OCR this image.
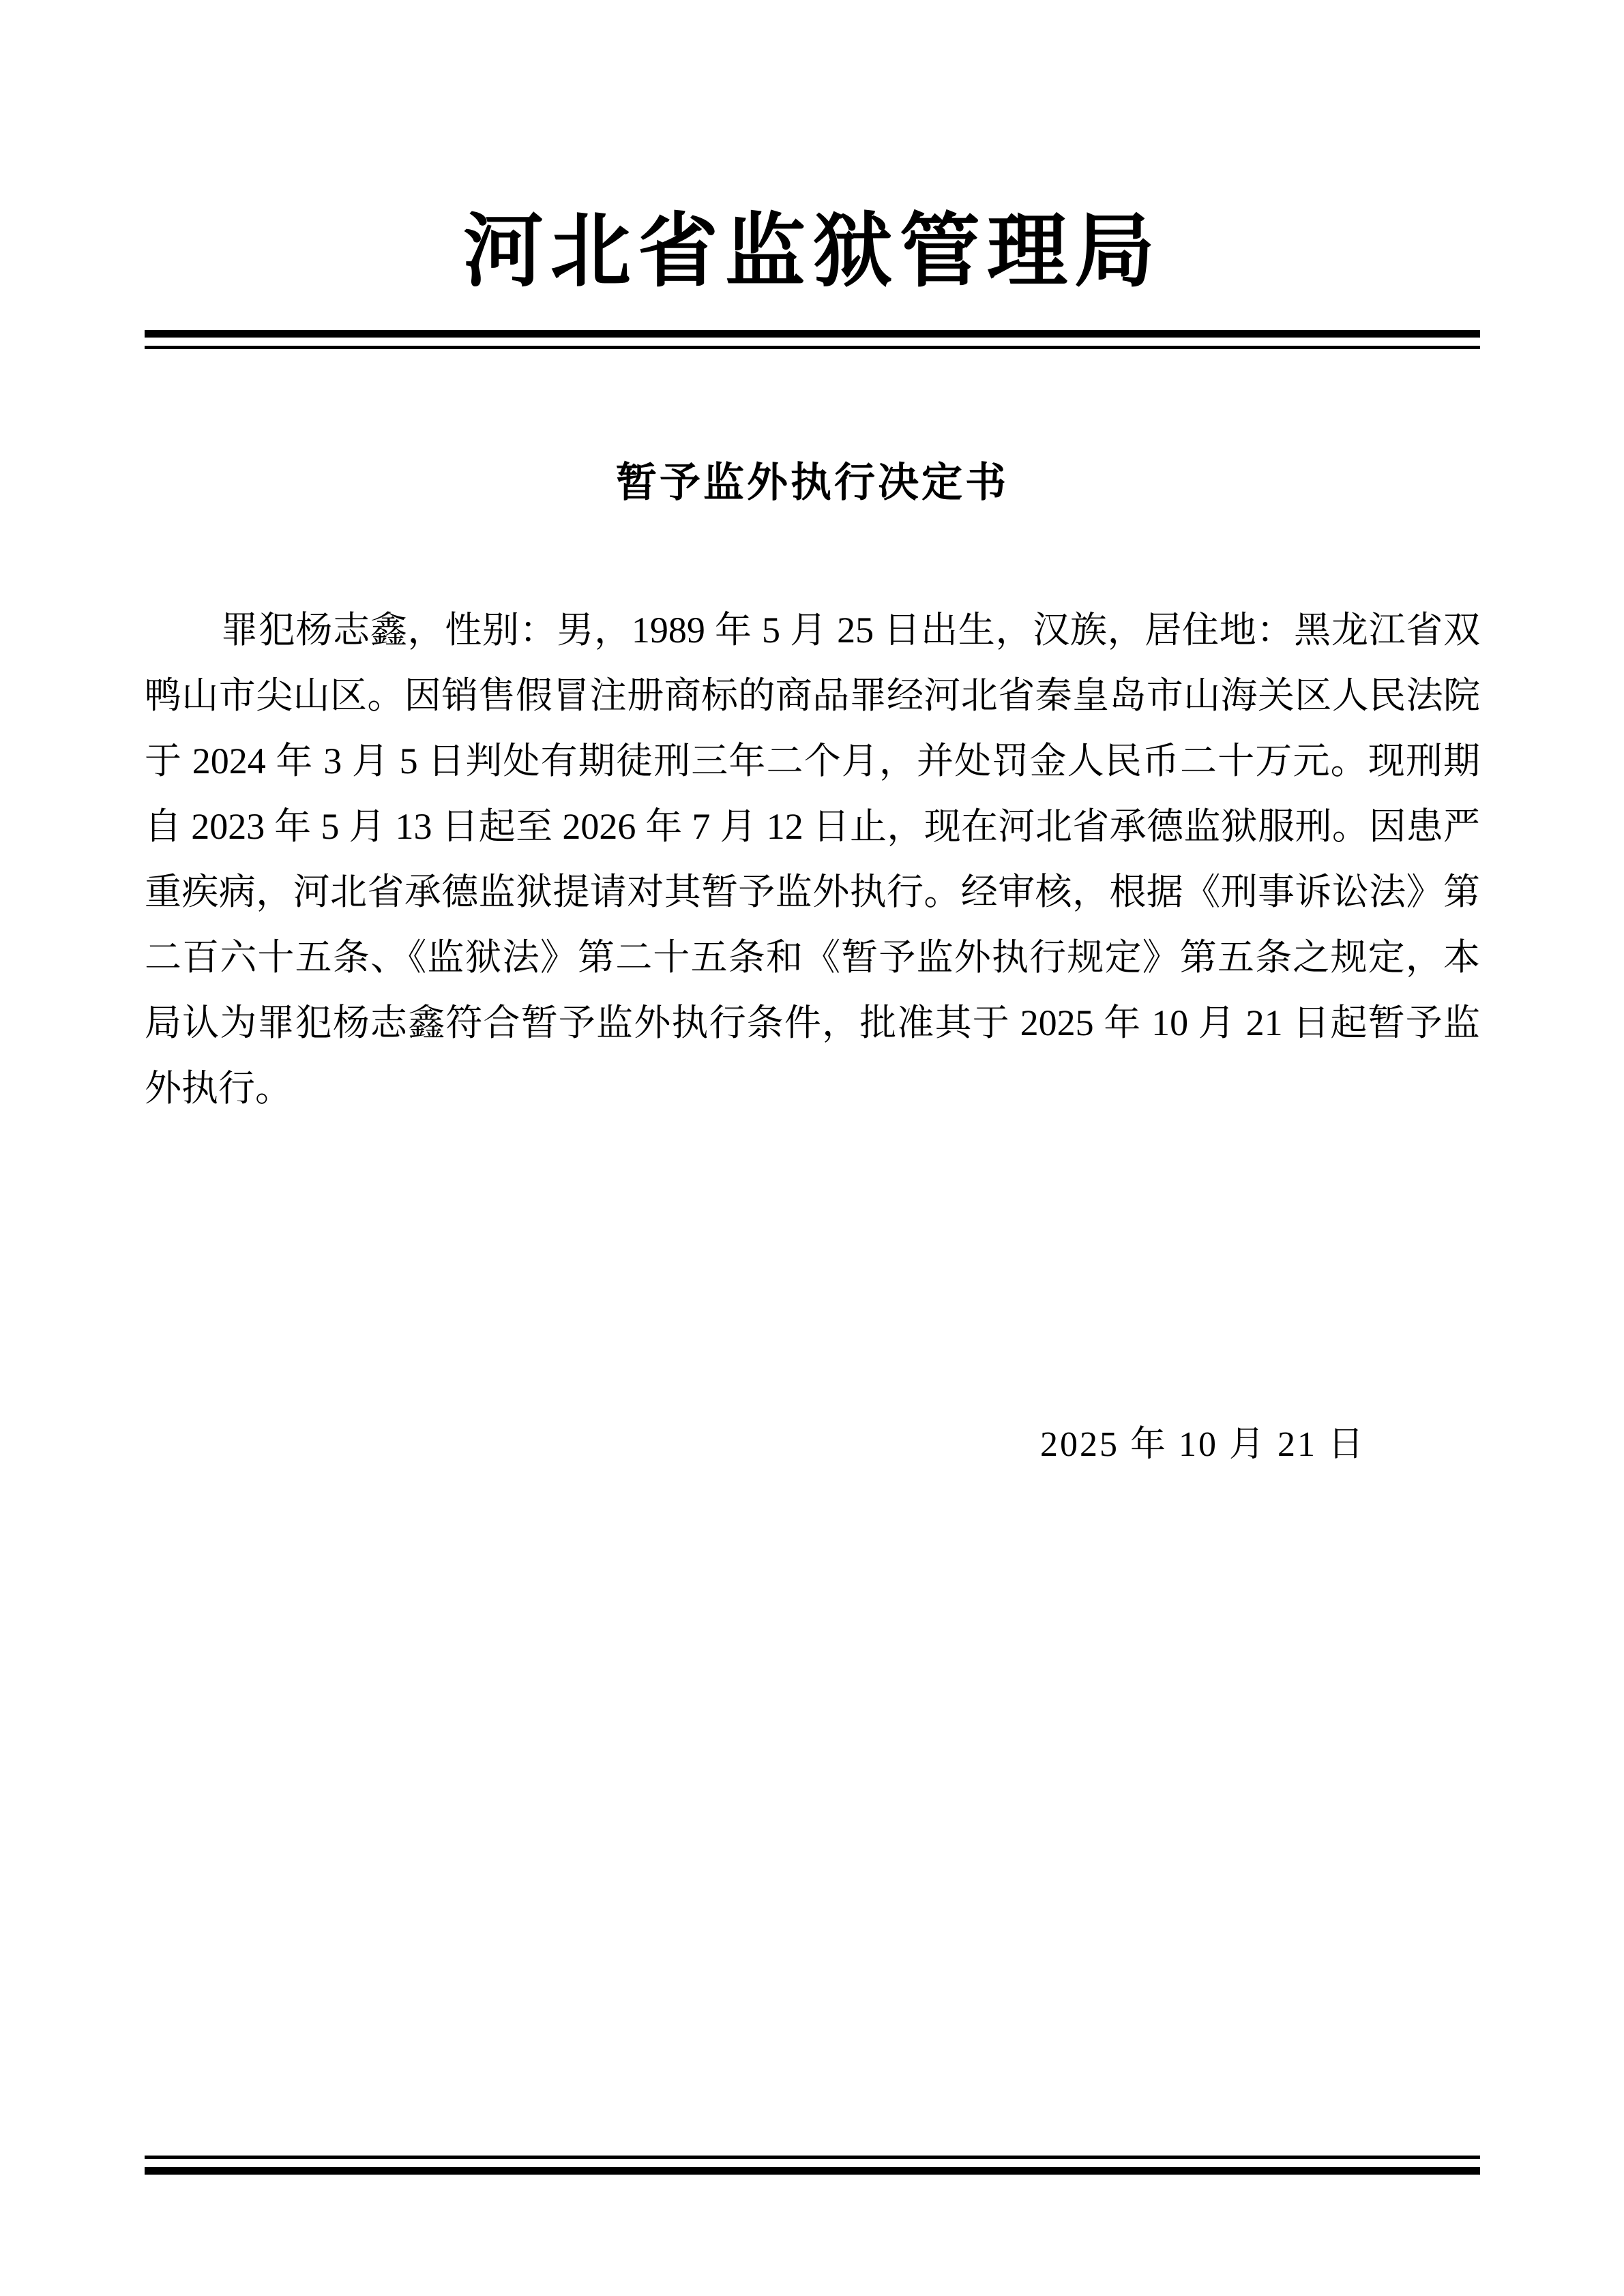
河北省监狱管理局
暂予监外执行决定书
罪犯杨志鑫，性别：男，1989 年 5 月 25 日出生，汉族，居住地：黑龙江省双鸭山市尖山区。因销售假冒注册商标的商品罪经河北省秦皇岛市山海关区人民法院于 2024 年 3 月 5 日判处有期徒刑三年二个月，并处罚金人民币二十万元。现刑期自 2023 年 5 月 13 日起至 2026 年 7 月 12 日止，现在河北省承德监狱服刑。因患严重疾病，河北省承德监狱提请对其暂予监外执行。经审核，根据《刑事诉讼法》第二百六十五条、《监狱法》第二十五条和《暂予监外执行规定》第五条之规定，本局认为罪犯杨志鑫符合暂予监外执行条件，批准其于 2025 年 10 月 21 日起暂予监外执行。
2025 年 10 月 21 日
